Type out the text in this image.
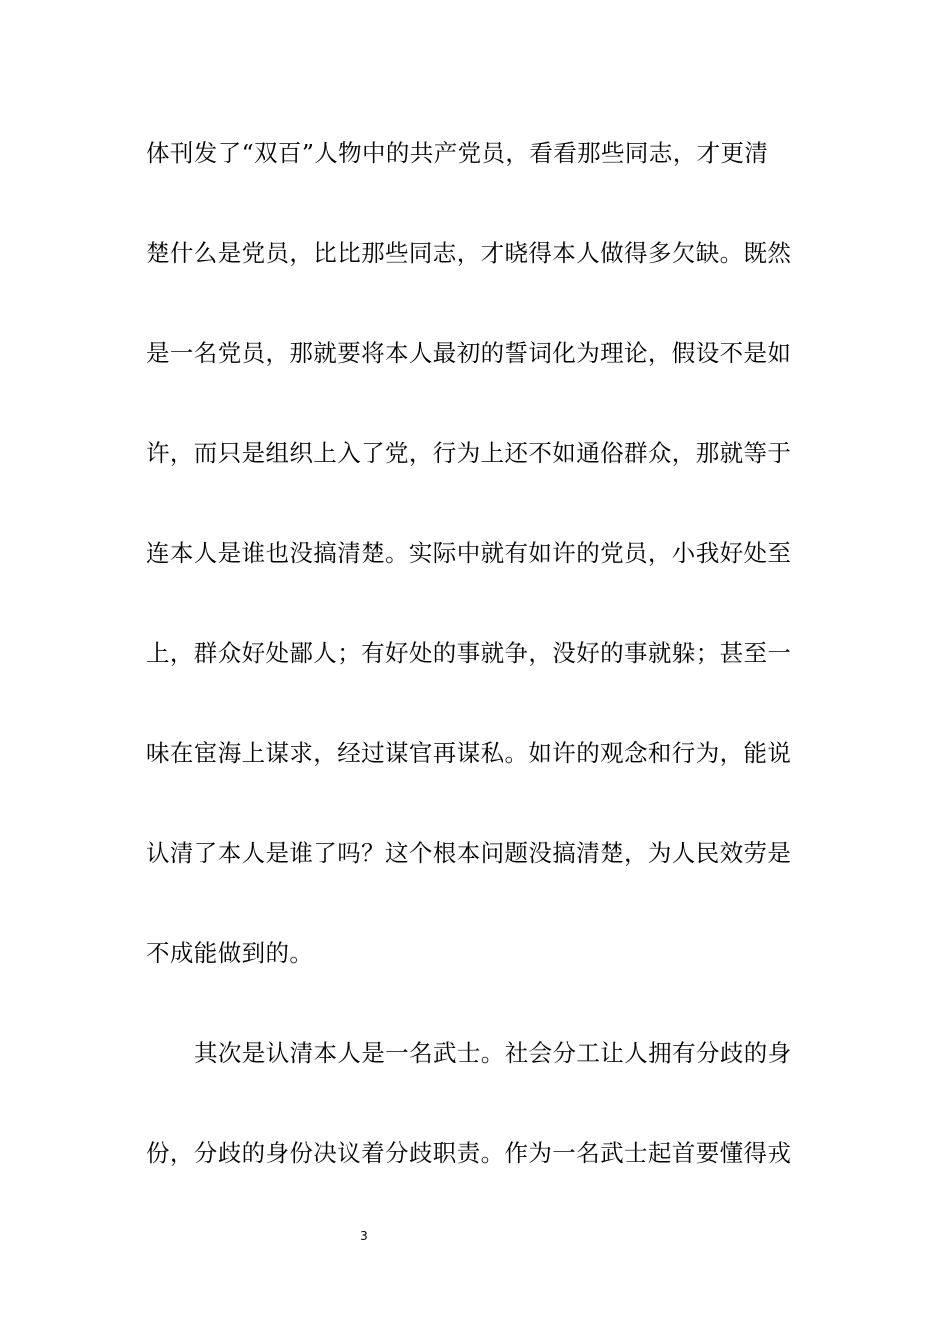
体刊发了“双百”人物中的共产党员，看看那些同志，才更清
楚什么是党员，比比那些同志，才晓得本人做得多欠缺。既然
是一名党员，那就要将本人最初的誓词化为理论，假设不是如
许，而只是组织上入了党，行为上还不如通俗群众，那就等于
连本人是谁也没搞清楚。实际中就有如许的党员，小我好处至
上，群众好处鄙人；有好处的事就争，没好的事就躲；甚至一
味在宦海上谋求，经过谋官再谋私。如许的观念和行为，能说
认清了本人是谁了吗？这个根本问题没搞清楚，为人民效劳是
不成能做到的。
其次是认清本人是一名武士。社会分工让人拥有分歧的身
份，分歧的身份决议着分歧职责。作为一名武士起首要懂得戎
3
